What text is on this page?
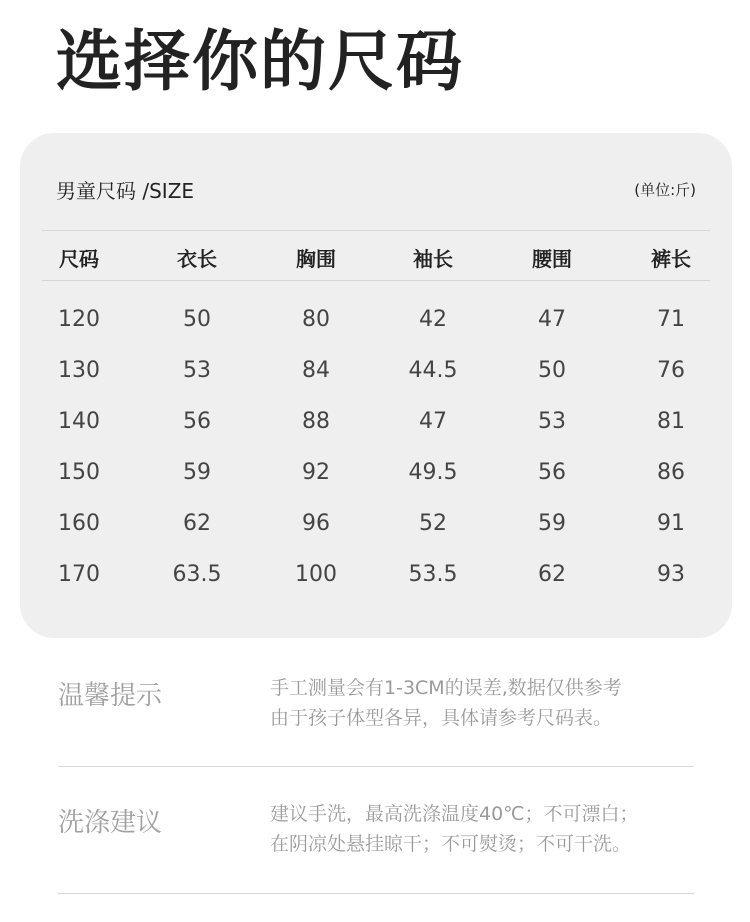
选择你的尺码
男童尺码 /SIZE	(单位:斤)
尺码	衣长	胸围	袖长	腰围	裤长
120	50	80	42	47	71
130	53	84	44.5	50	76
140	56	88	47	53	81
150	59	92	49.5	56	86
160	62	96	52	59	91
170	63.5	100	53.5	62	93
温馨提示	手工测量会有1-3CM的误差,数据仅供参考
由于孩子体型各异，具体请参考尺码表。
洗涤建议	建议手洗，最高洗涤温度40℃；不可漂白；
在阴凉处悬挂晾干；不可熨烫；不可干洗。
